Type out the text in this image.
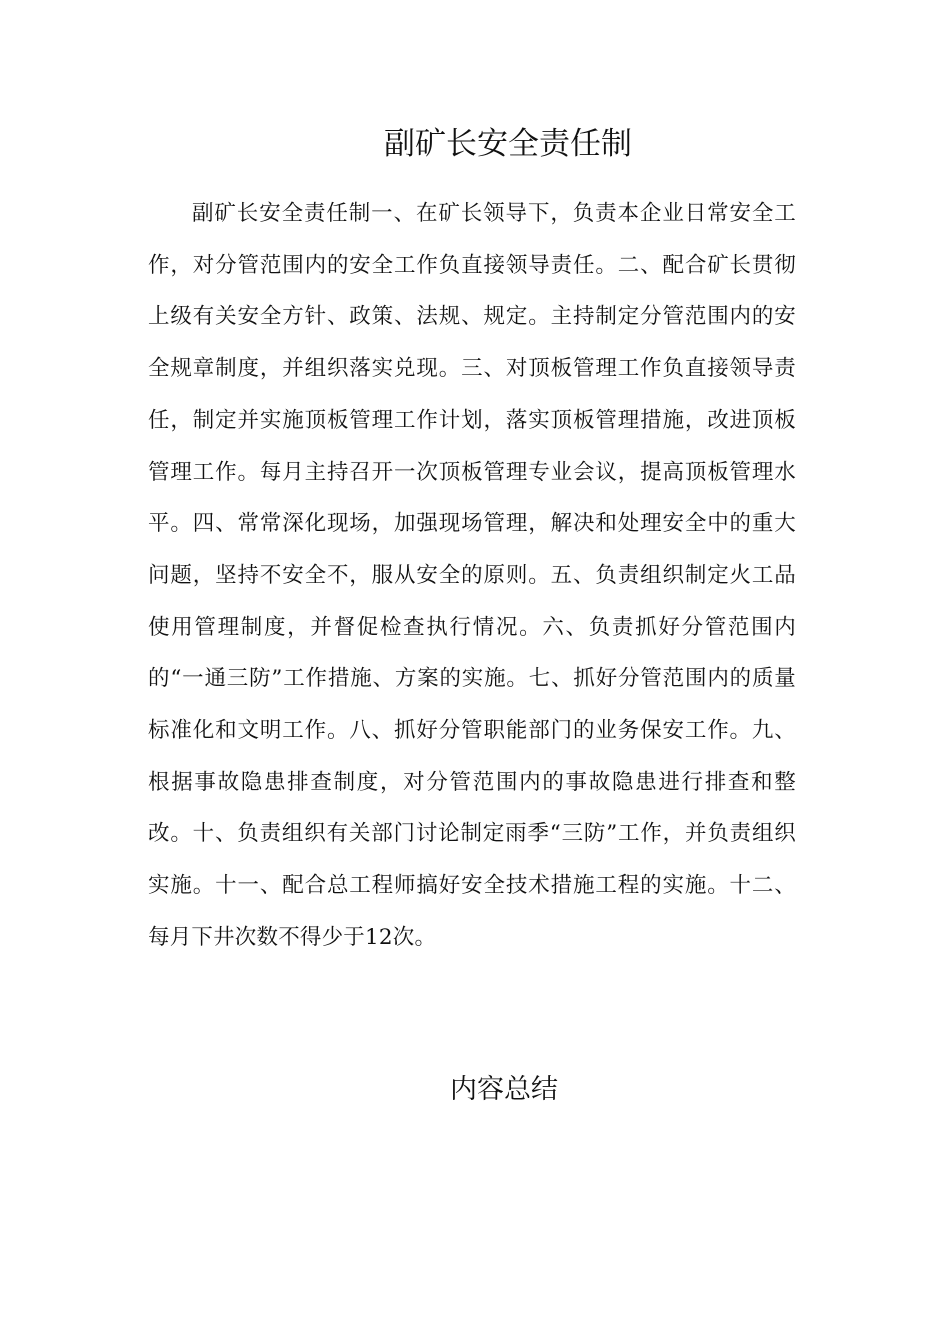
副矿长安全责任制

副矿长安全责任制一、在矿长领导下，负责本企业日常安全工作，对分管范围内的安全工作负直接领导责任。二、配合矿长贯彻上级有关安全方针、政策、法规、规定。主持制定分管范围内的安全规章制度，并组织落实兑现。三、对顶板管理工作负直接领导责任，制定并实施顶板管理工作计划，落实顶板管理措施，改进顶板管理工作。每月主持召开一次顶板管理专业会议，提高顶板管理水平。四、常常深化现场，加强现场管理，解决和处理安全中的重大问题，坚持不安全不，服从安全的原则。五、负责组织制定火工品使用管理制度，并督促检查执行情况。六、负责抓好分管范围内的“一通三防”工作措施、方案的实施。七、抓好分管范围内的质量标准化和文明工作。八、抓好分管职能部门的业务保安工作。九、根据事故隐患排查制度，对分管范围内的事故隐患进行排查和整改。十、负责组织有关部门讨论制定雨季“三防”工作，并负责组织实施。十一、配合总工程师搞好安全技术措施工程的实施。十二、每月下井次数不得少于12次。

内容总结
